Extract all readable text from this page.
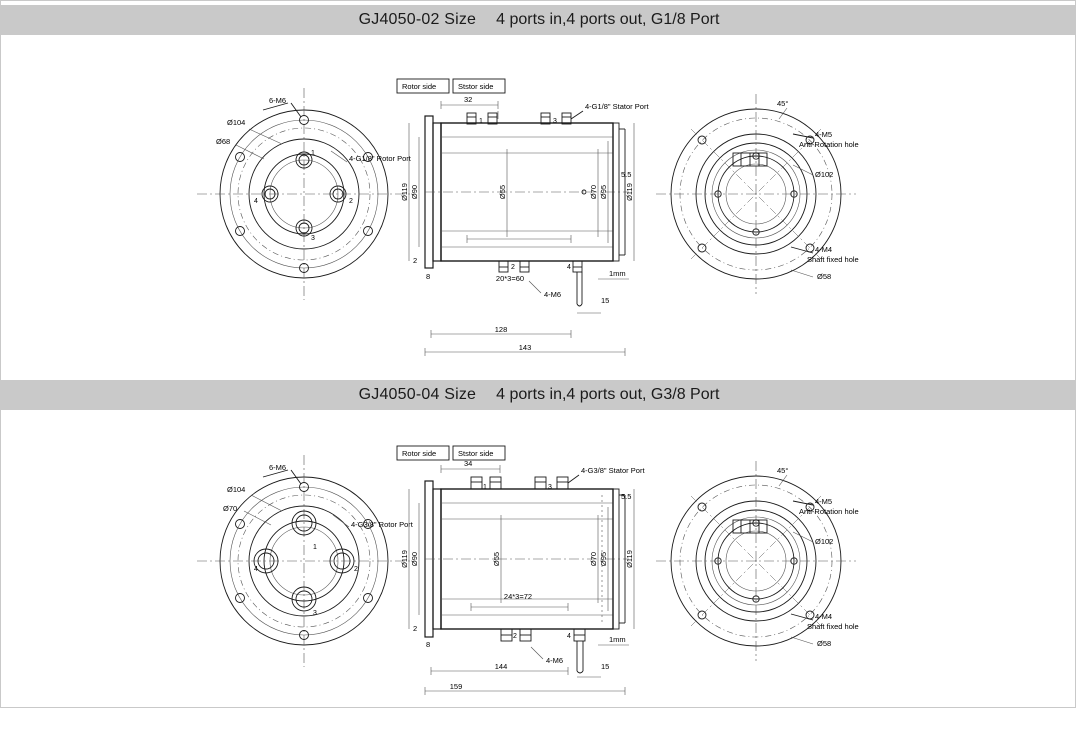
GJ4050-02 Size 4 ports in,4 ports out, G1/8 Port
6-M6
Ø104
Ø68
4-G1/8" Rotor Port
1
2
3
4
Rotor side	Ststor side
32
4-G1/8" Stator Port
1	3
2	4
5.5
20*3=60
4-M6
15
1mm
128
143
8
2
Ø119 Ø90	Ø55	Ø70 Ø95 Ø119
45°
4-M5
Anti-Rotation hole
Ø102
4-M4
Shaft fixed hole
Ø58
GJ4050-04 Size 4 ports in,4 ports out, G3/8 Port
6-M6
Ø104
Ø70
4-G3/8" Rotor Port
1
2
3
4
Rotor side	Ststor side
34
4-G3/8" Stator Port
1	3
2	4
5.5
24*3=72
4-M6
15
1mm
144
159
8
2
Ø119 Ø90	Ø55	Ø70 Ø95 Ø119
45°
4-M5
Anti-Rotation hole
Ø102
4-M4
Shaft fixed hole
Ø58
